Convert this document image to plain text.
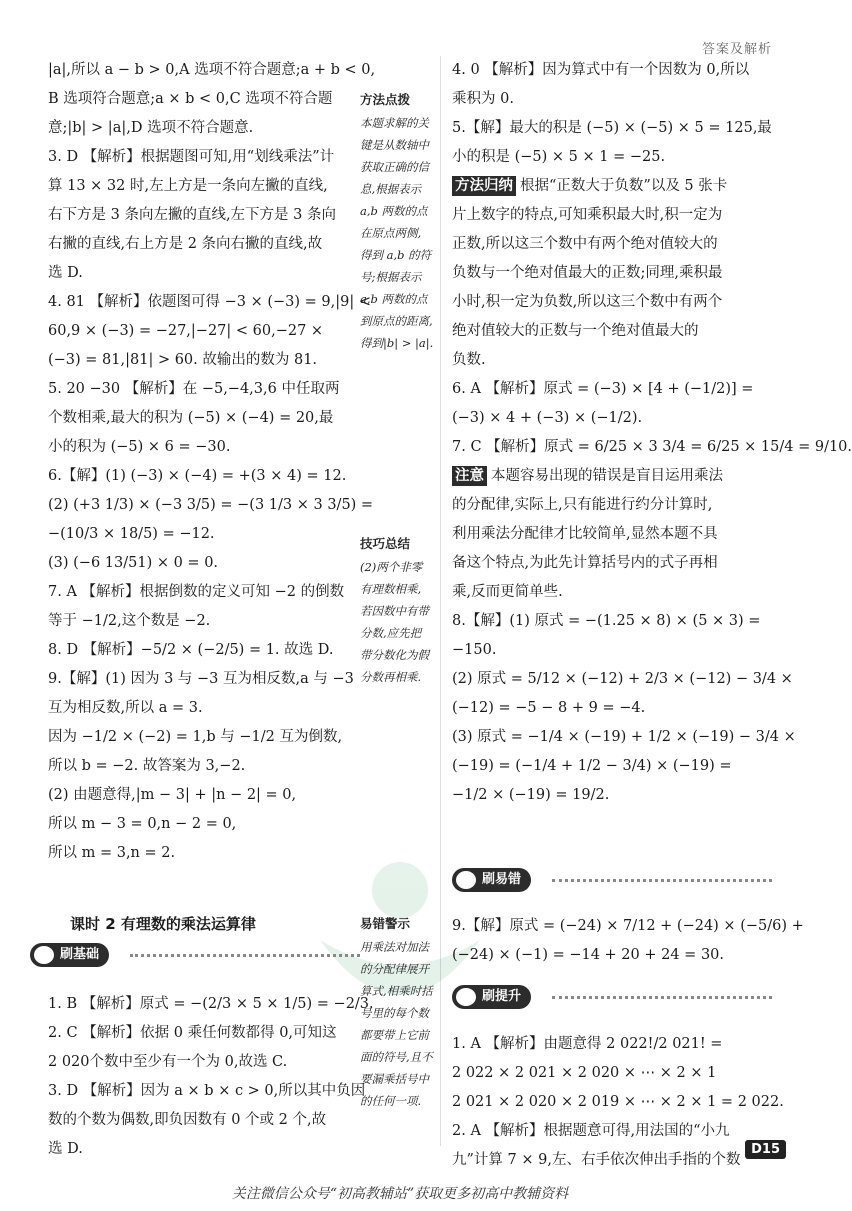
答案及解析
|a|,所以 a − b > 0,A 选项不符合题意;a + b < 0,
B 选项符合题意;a × b < 0,C 选项不符合题
意;|b| > |a|,D 选项不符合题意.
3. D 【解析】根据题图可知,用“划线乘法”计
算 13 × 32 时,左上方是一条向左撇的直线,
右下方是 3 条向左撇的直线,左下方是 3 条向
右撇的直线,右上方是 2 条向右撇的直线,故
选 D.
4. 81 【解析】依题图可得 −3 × (−3) = 9,|9| <
60,9 × (−3) = −27,|−27| < 60,−27 ×
(−3) = 81,|81| > 60. 故输出的数为 81.
5. 20 −30 【解析】在 −5,−4,3,6 中任取两
个数相乘,最大的积为 (−5) × (−4) = 20,最
小的积为 (−5) × 6 = −30.
6.【解】(1) (−3) × (−4) = +(3 × 4) = 12.
(2) (+3 1/3) × (−3 3/5) = −(3 1/3 × 3 3/5) =
−(10/3 × 18/5) = −12.
(3) (−6 13/51) × 0 = 0.
7. A 【解析】根据倒数的定义可知 −2 的倒数
等于 −1/2,这个数是 −2.
8. D 【解析】−5/2 × (−2/5) = 1. 故选 D.
9.【解】(1) 因为 3 与 −3 互为相反数,a 与 −3
互为相反数,所以 a = 3.
因为 −1/2 × (−2) = 1,b 与 −1/2 互为倒数,
所以 b = −2. 故答案为 3,−2.
(2) 由题意得,|m − 3| + |n − 2| = 0,
所以 m − 3 = 0,n − 2 = 0,
所以 m = 3,n = 2.
课时 2 有理数的乘法运算律
刷基础
1. B 【解析】原式 = −(2/3 × 5 × 1/5) = −2/3.
2. C 【解析】依据 0 乘任何数都得 0,可知这
2 020个数中至少有一个为 0,故选 C.
3. D 【解析】因为 a × b × c > 0,所以其中负因
数的个数为偶数,即负因数有 0 个或 2 个,故
选 D.
方法点拨
本题求解的关
键是从数轴中
获取正确的信
息,根据表示
a,b 两数的点
在原点两侧,
得到 a,b 的符
号;根据表示
a,b 两数的点
到原点的距离,
得到|b| > |a|.
技巧总结
(2)两个非零
有理数相乘,
若因数中有带
分数,应先把
带分数化为假
分数再相乘.
易错警示
用乘法对加法
的分配律展开
算式,相乘时括
号里的每个数
都要带上它前
面的符号,且不
要漏乘括号中
的任何一项.
4. 0 【解析】因为算式中有一个因数为 0,所以
乘积为 0.
5.【解】最大的积是 (−5) × (−5) × 5 = 125,最
小的积是 (−5) × 5 × 1 = −25.
方法归纳 根据“正数大于负数”以及 5 张卡
片上数字的特点,可知乘积最大时,积一定为
正数,所以这三个数中有两个绝对值较大的
负数与一个绝对值最大的正数;同理,乘积最
小时,积一定为负数,所以这三个数中有两个
绝对值较大的正数与一个绝对值最大的
负数.
6. A 【解析】原式 = (−3) × [4 + (−1/2)] =
(−3) × 4 + (−3) × (−1/2).
7. C 【解析】原式 = 6/25 × 3 3/4 = 6/25 × 15/4 = 9/10.
注意 本题容易出现的错误是盲目运用乘法
的分配律,实际上,只有能进行约分计算时,
利用乘法分配律才比较简单,显然本题不具
备这个特点,为此先计算括号内的式子再相
乘,反而更简单些.
8.【解】(1) 原式 = −(1.25 × 8) × (5 × 3) =
−150.
(2) 原式 = 5/12 × (−12) + 2/3 × (−12) − 3/4 ×
(−12) = −5 − 8 + 9 = −4.
(3) 原式 = −1/4 × (−19) + 1/2 × (−19) − 3/4 ×
(−19) = (−1/4 + 1/2 − 3/4) × (−19) =
−1/2 × (−19) = 19/2.
刷易错
9.【解】原式 = (−24) × 7/12 + (−24) × (−5/6) +
(−24) × (−1) = −14 + 20 + 24 = 30.
刷提升
1. A 【解析】由题意得 2 022!/2 021! =
2 022 × 2 021 × 2 020 × ⋯ × 2 × 1
2 021 × 2 020 × 2 019 × ⋯ × 2 × 1 = 2 022.
2. A 【解析】根据题意可得,用法国的“小九
九”计算 7 × 9,左、右手依次伸出手指的个数
D15
关注微信公众号“初高教辅站”获取更多初高中教辅资料
